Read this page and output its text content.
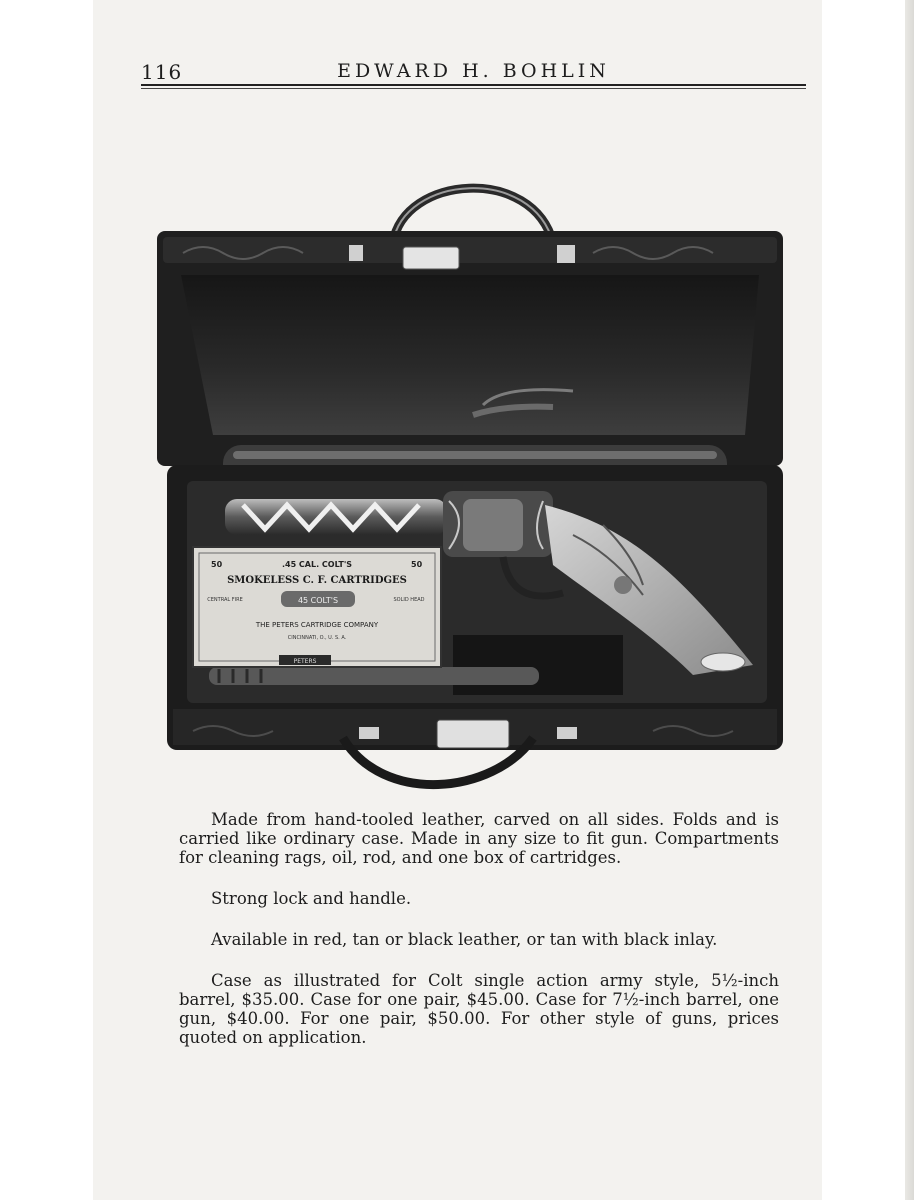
116	EDWARD H. BOHLIN
50	.45 CAL. COLT'S	50
SMOKELESS C. F. CARTRIDGES
CENTRAL FIRE	SOLID HEAD
45 COLT'S
THE PETERS CARTRIDGE COMPANY
CINCINNATI, O., U. S. A.
PETERS

Made from hand-tooled leather, carved on all sides. Folds and is carried like ordinary case. Made in any size to fit gun. Compartments for cleaning rags, oil, rod, and one box of cartridges.

Strong lock and handle.

Available in red, tan or black leather, or tan with black inlay.

Case as illustrated for Colt single action army style, 5½-inch barrel, $35.00. Case for one pair, $45.00. Case for 7½-inch barrel, one gun, $40.00. For one pair, $50.00. For other style of guns, prices quoted on application.
